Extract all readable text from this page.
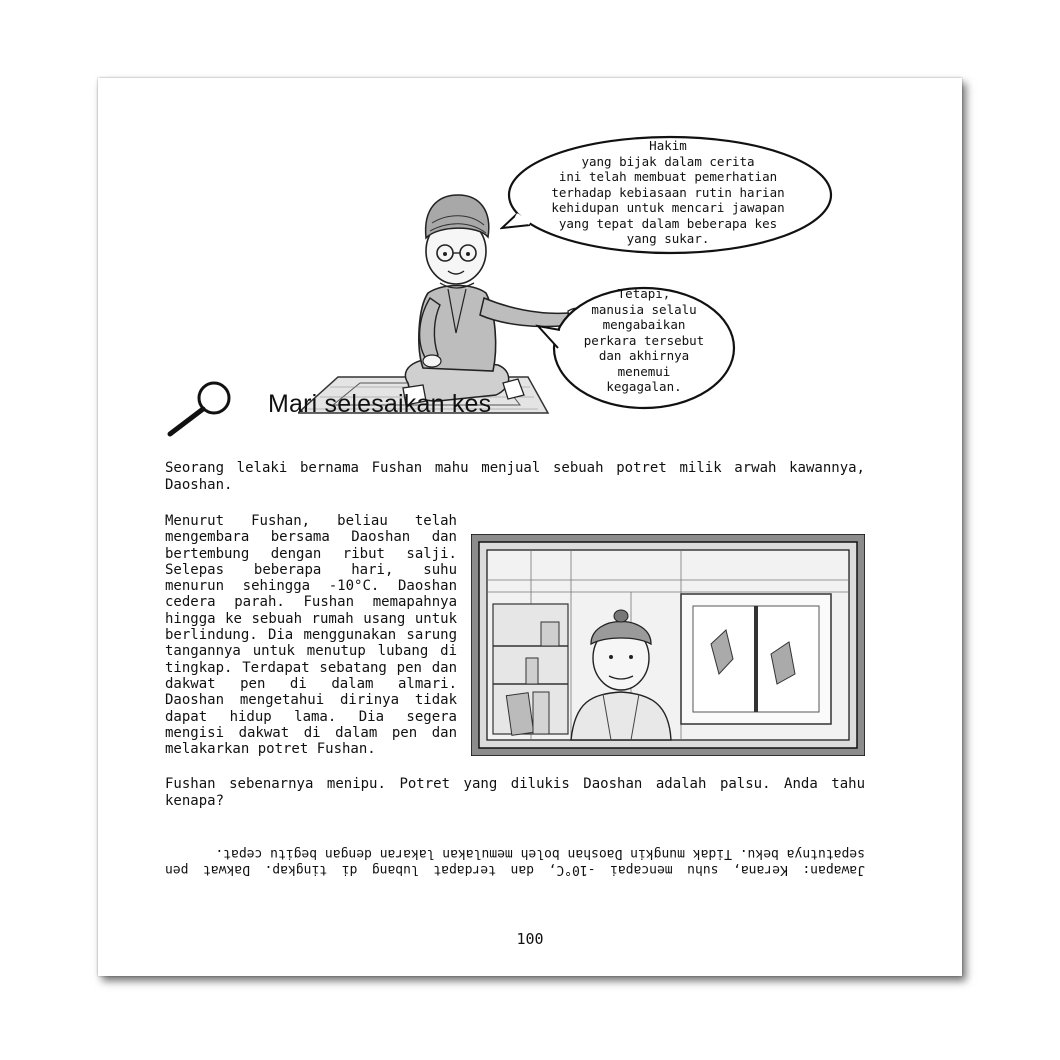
Hakim
yang bijak dalam cerita
ini telah membuat pemerhatian
terhadap kebiasaan rutin harian
kehidupan untuk mencari jawapan
yang tepat dalam beberapa kes
yang sukar.
Tetapi,
manusia selalu
mengabaikan
perkara tersebut
dan akhirnya
menemui
kegagalan.
Mari selesaikan kes

Seorang lelaki bernama Fushan mahu menjual sebuah potret milik arwah kawannya, Daoshan.

Menurut Fushan, beliau telah mengembara bersama Daoshan dan bertembung dengan ribut salji. Selepas beberapa hari, suhu menurun sehingga -10°C. Daoshan cedera parah. Fushan memapahnya hingga ke sebuah rumah usang untuk berlindung. Dia menggunakan sarung tangannya untuk menutup lubang di tingkap. Terdapat sebatang pen dan dakwat pen di dalam almari. Daoshan mengetahui dirinya tidak dapat hidup lama. Dia segera mengisi dakwat di dalam pen dan melakarkan potret Fushan.

Fushan sebenarnya menipu. Potret yang dilukis Daoshan adalah palsu. Anda tahu kenapa?

Jawapan: Kerana, suhu mencapai -10°C, dan terdapat lubang di tingkap. Dakwat pen sepatutnya beku. Tidak mungkin Daoshan boleh memulakan lakaran dengan begitu cepat.
100
